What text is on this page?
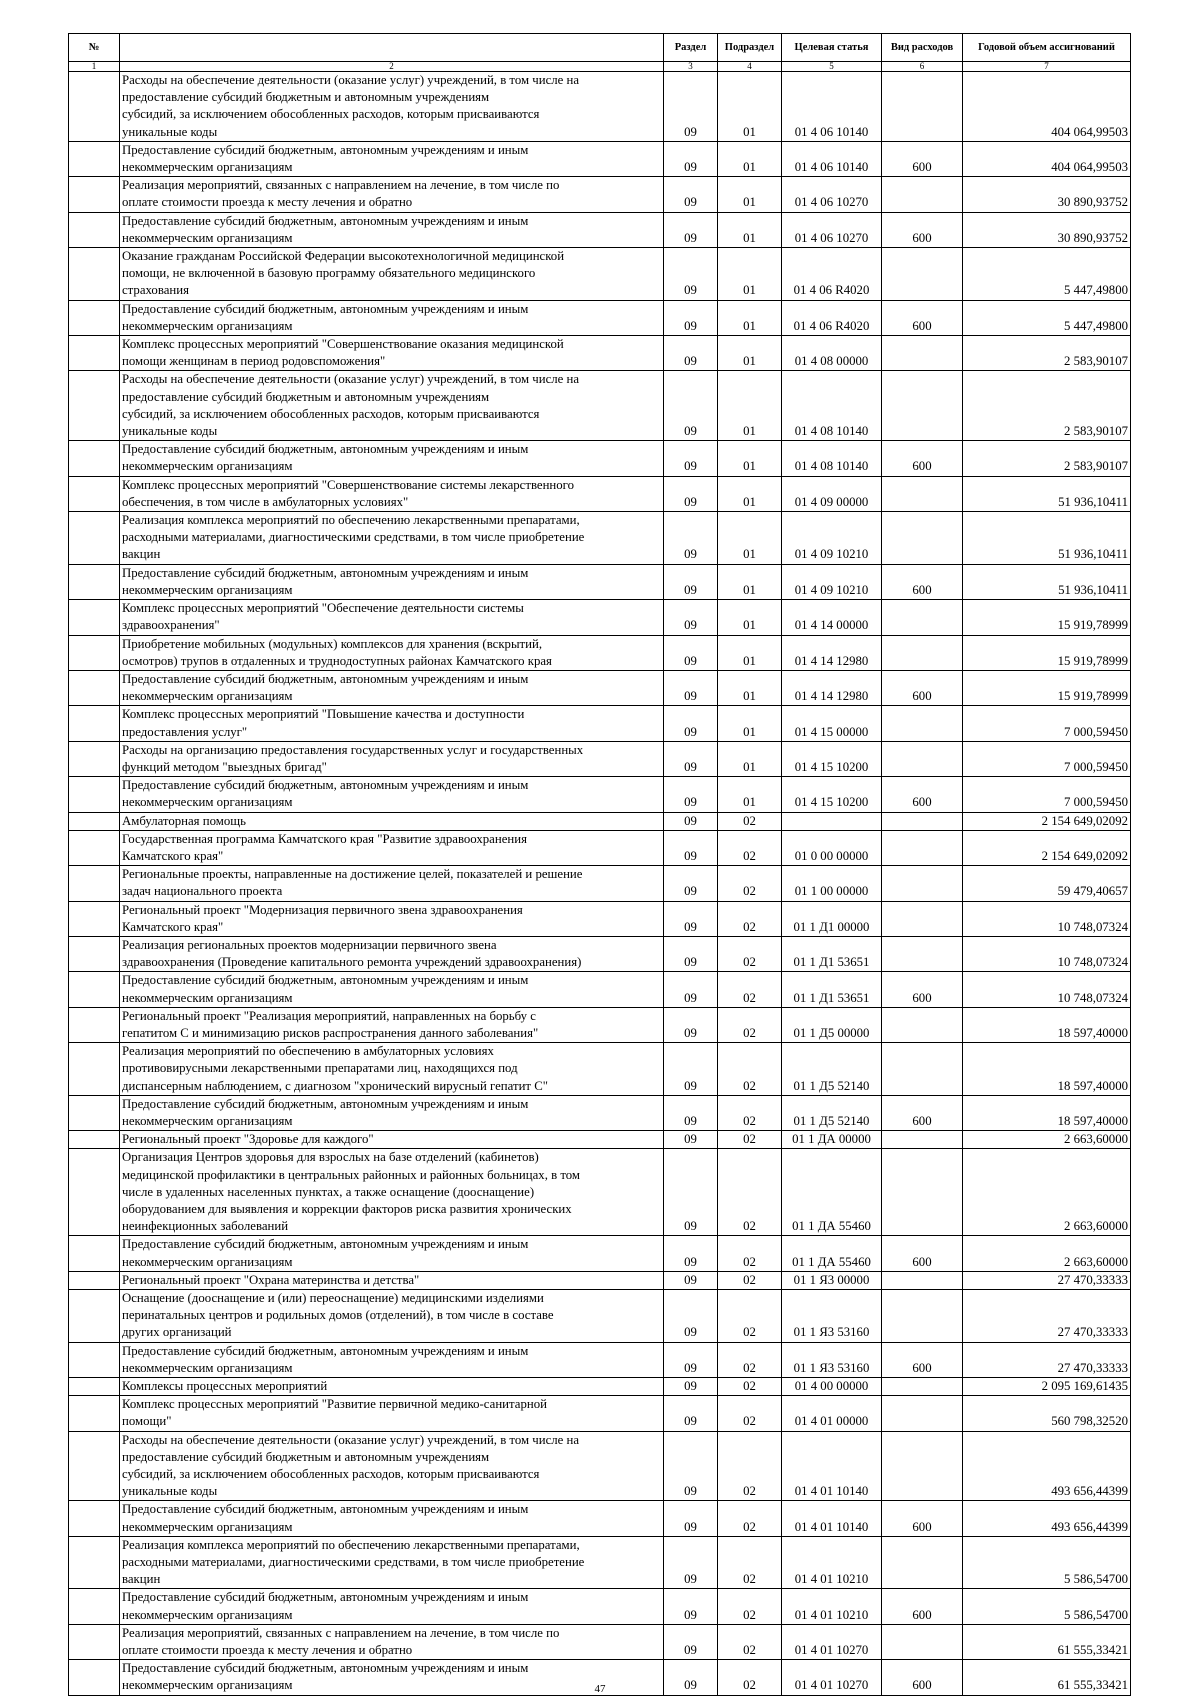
№		Раздел	Подраздел	Целевая статья	Вид расходов	Годовой объем ассигнований
1	2	3	4	5	6	7
	Расходы на обеспечение деятельности (оказание услуг) учреждений, в том числе на
предоставление субсидий бюджетным и автономным учреждениям
субсидий, за исключением обособленных расходов, которым присваиваются
уникальные коды	09	01	01 4 06 10140		404 064,99503
	Предоставление субсидий бюджетным, автономным учреждениям и иным
некоммерческим организациям	09	01	01 4 06 10140	600	404 064,99503
	Реализация мероприятий, связанных с направлением на лечение, в том числе по
оплате стоимости проезда к месту лечения и обратно	09	01	01 4 06 10270		30 890,93752
	Предоставление субсидий бюджетным, автономным учреждениям и иным
некоммерческим организациям	09	01	01 4 06 10270	600	30 890,93752
	Оказание гражданам Российской Федерации высокотехнологичной медицинской
помощи, не включенной в базовую программу обязательного медицинского
страхования	09	01	01 4 06 R4020		5 447,49800
	Предоставление субсидий бюджетным, автономным учреждениям и иным
некоммерческим организациям	09	01	01 4 06 R4020	600	5 447,49800
	Комплекс процессных мероприятий "Совершенствование оказания медицинской
помощи женщинам в период родовспоможения"	09	01	01 4 08 00000		2 583,90107
	Расходы на обеспечение деятельности (оказание услуг) учреждений, в том числе на
предоставление субсидий бюджетным и автономным учреждениям
субсидий, за исключением обособленных расходов, которым присваиваются
уникальные коды	09	01	01 4 08 10140		2 583,90107
	Предоставление субсидий бюджетным, автономным учреждениям и иным
некоммерческим организациям	09	01	01 4 08 10140	600	2 583,90107
	Комплекс процессных мероприятий "Совершенствование системы лекарственного
обеспечения, в том числе в амбулаторных условиях"	09	01	01 4 09 00000		51 936,10411
	Реализация комплекса мероприятий по обеспечению лекарственными препаратами,
расходными материалами, диагностическими средствами, в том числе приобретение
вакцин	09	01	01 4 09 10210		51 936,10411
	Предоставление субсидий бюджетным, автономным учреждениям и иным
некоммерческим организациям	09	01	01 4 09 10210	600	51 936,10411
	Комплекс процессных мероприятий "Обеспечение деятельности системы
здравоохранения"	09	01	01 4 14 00000		15 919,78999
	Приобретение мобильных (модульных) комплексов для хранения (вскрытий,
осмотров) трупов в отдаленных и труднодоступных районах Камчатского края	09	01	01 4 14 12980		15 919,78999
	Предоставление субсидий бюджетным, автономным учреждениям и иным
некоммерческим организациям	09	01	01 4 14 12980	600	15 919,78999
	Комплекс процессных мероприятий "Повышение качества и доступности
предоставления услуг"	09	01	01 4 15 00000		7 000,59450
	Расходы на организацию предоставления государственных услуг и государственных
функций методом "выездных бригад"	09	01	01 4 15 10200		7 000,59450
	Предоставление субсидий бюджетным, автономным учреждениям и иным
некоммерческим организациям	09	01	01 4 15 10200	600	7 000,59450
	Амбулаторная помощь	09	02			2 154 649,02092
	Государственная программа Камчатского края "Развитие здравоохранения
Камчатского края"	09	02	01 0 00 00000		2 154 649,02092
	Региональные проекты, направленные на достижение целей, показателей и решение
задач национального проекта	09	02	01 1 00 00000		59 479,40657
	Региональный проект "Модернизация первичного звена здравоохранения
Камчатского края"	09	02	01 1 Д1 00000		10 748,07324
	Реализация региональных проектов модернизации первичного звена
здравоохранения (Проведение капитального ремонта учреждений здравоохранения)	09	02	01 1 Д1 53651		10 748,07324
	Предоставление субсидий бюджетным, автономным учреждениям и иным
некоммерческим организациям	09	02	01 1 Д1 53651	600	10 748,07324
	Региональный проект "Реализация мероприятий, направленных на борьбу с
гепатитом С и минимизацию рисков распространения данного заболевания"	09	02	01 1 Д5 00000		18 597,40000
	Реализация мероприятий по обеспечению в амбулаторных условиях
противовирусными лекарственными препаратами лиц, находящихся под
диспансерным наблюдением, с диагнозом "хронический вирусный гепатит С"	09	02	01 1 Д5 52140		18 597,40000
	Предоставление субсидий бюджетным, автономным учреждениям и иным
некоммерческим организациям	09	02	01 1 Д5 52140	600	18 597,40000
	Региональный проект "Здоровье для каждого"	09	02	01 1 ДА 00000		2 663,60000
	Организация Центров здоровья для взрослых на базе отделений (кабинетов)
медицинской профилактики в центральных районных и районных больницах, в том
числе в удаленных населенных пунктах, а также оснащение (дооснащение)
оборудованием для выявления и коррекции факторов риска развития хронических
неинфекционных заболеваний	09	02	01 1 ДА 55460		2 663,60000
	Предоставление субсидий бюджетным, автономным учреждениям и иным
некоммерческим организациям	09	02	01 1 ДА 55460	600	2 663,60000
	Региональный проект "Охрана материнства и детства"	09	02	01 1 Я3 00000		27 470,33333
	Оснащение (дооснащение и (или) переоснащение) медицинскими изделиями
перинатальных центров и родильных домов (отделений), в том числе в составе
других организаций	09	02	01 1 Я3 53160		27 470,33333
	Предоставление субсидий бюджетным, автономным учреждениям и иным
некоммерческим организациям	09	02	01 1 Я3 53160	600	27 470,33333
	Комплексы процессных мероприятий	09	02	01 4 00 00000		2 095 169,61435
	Комплекс процессных мероприятий "Развитие первичной медико-санитарной
помощи"	09	02	01 4 01 00000		560 798,32520
	Расходы на обеспечение деятельности (оказание услуг) учреждений, в том числе на
предоставление субсидий бюджетным и автономным учреждениям
субсидий, за исключением обособленных расходов, которым присваиваются
уникальные коды	09	02	01 4 01 10140		493 656,44399
	Предоставление субсидий бюджетным, автономным учреждениям и иным
некоммерческим организациям	09	02	01 4 01 10140	600	493 656,44399
	Реализация комплекса мероприятий по обеспечению лекарственными препаратами,
расходными материалами, диагностическими средствами, в том числе приобретение
вакцин	09	02	01 4 01 10210		5 586,54700
	Предоставление субсидий бюджетным, автономным учреждениям и иным
некоммерческим организациям	09	02	01 4 01 10210	600	5 586,54700
	Реализация мероприятий, связанных с направлением на лечение, в том числе по
оплате стоимости проезда к месту лечения и обратно	09	02	01 4 01 10270		61 555,33421
	Предоставление субсидий бюджетным, автономным учреждениям и иным
некоммерческим организациям	09	02	01 4 01 10270	600	61 555,33421
47
